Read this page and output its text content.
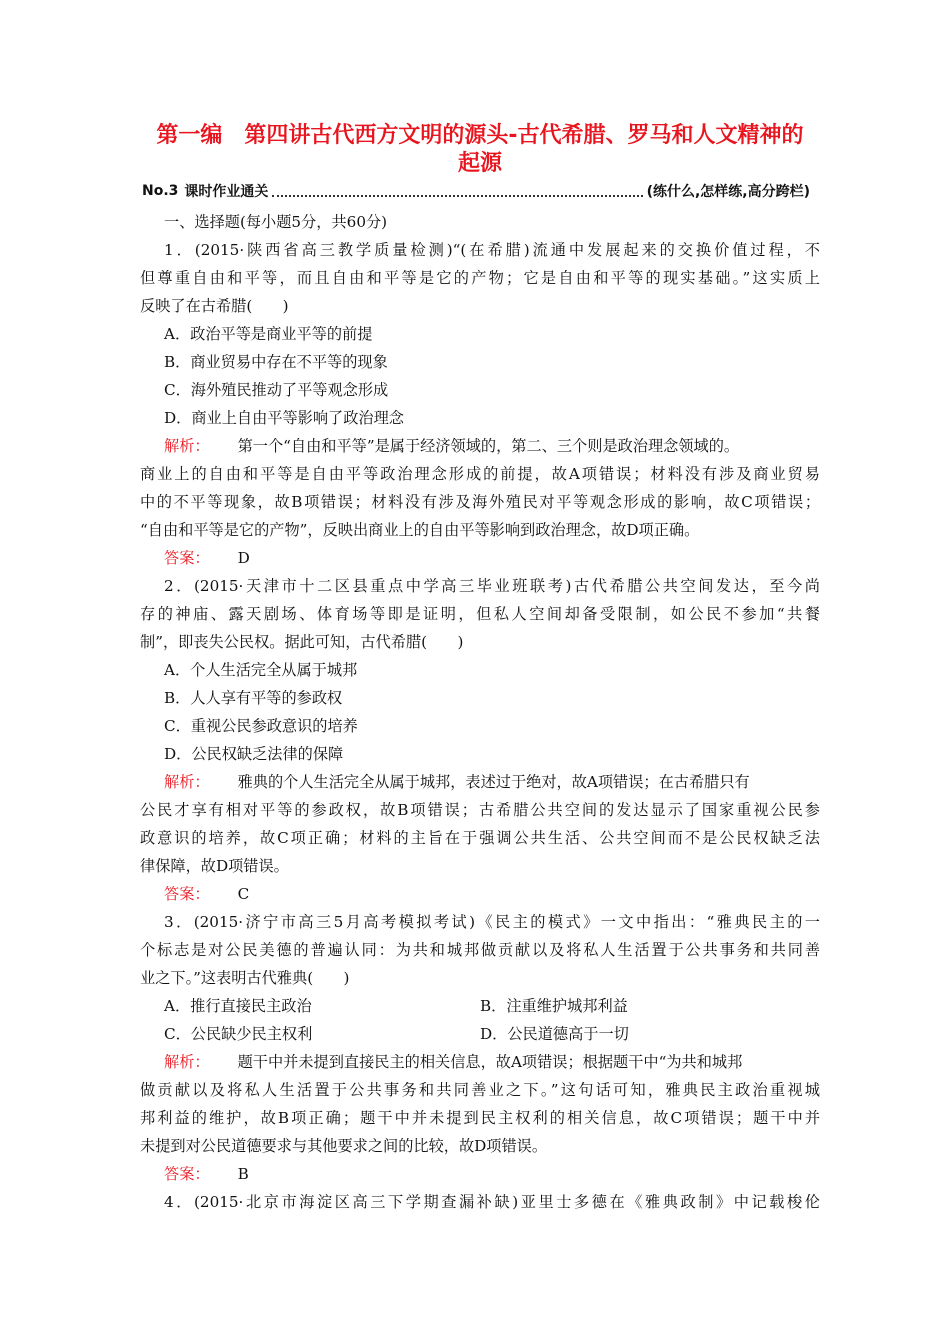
第一编　第四讲古代西方文明的源头-古代希腊、罗马和人文精神的
起源
No.3 课时作业通关	(练什么,怎样练,高分跨栏)
一、选择题(每小题5分，共60分)
1．(2015·陕西省高三教学质量检测)“(在希腊)流通中发展起来的交换价值过程，不
但尊重自由和平等，而且自由和平等是它的产物；它是自由和平等的现实基础。”这实质上
反映了在古希腊(　　)
A．政治平等是商业平等的前提
B．商业贸易中存在不平等的现象
C．海外殖民推动了平等观念形成
D．商业上自由平等影响了政治理念
解析： 第一个“自由和平等”是属于经济领域的，第二、三个则是政治理念领域的。
商业上的自由和平等是自由平等政治理念形成的前提，故A项错误；材料没有涉及商业贸易
中的不平等现象，故B项错误；材料没有涉及海外殖民对平等观念形成的影响，故C项错误；
“自由和平等是它的产物”，反映出商业上的自由平等影响到政治理念，故D项正确。
答案： D
2．(2015·天津市十二区县重点中学高三毕业班联考)古代希腊公共空间发达，至今尚
存的神庙、露天剧场、体育场等即是证明，但私人空间却备受限制，如公民不参加“共餐
制”，即丧失公民权。据此可知，古代希腊(　　)
A．个人生活完全从属于城邦
B．人人享有平等的参政权
C．重视公民参政意识的培养
D．公民权缺乏法律的保障
解析： 雅典的个人生活完全从属于城邦，表述过于绝对，故A项错误；在古希腊只有
公民才享有相对平等的参政权，故B项错误；古希腊公共空间的发达显示了国家重视公民参
政意识的培养，故C项正确；材料的主旨在于强调公共生活、公共空间而不是公民权缺乏法
律保障，故D项错误。
答案： C
3．(2015·济宁市高三5月高考模拟考试)《民主的模式》一文中指出：“雅典民主的一
个标志是对公民美德的普遍认同：为共和城邦做贡献以及将私人生活置于公共事务和共同善
业之下。”这表明古代雅典(　　)
A．推行直接民主政治	B．注重维护城邦利益
C．公民缺少民主权利	D．公民道德高于一切
解析： 题干中并未提到直接民主的相关信息，故A项错误；根据题干中“为共和城邦
做贡献以及将私人生活置于公共事务和共同善业之下。”这句话可知，雅典民主政治重视城
邦利益的维护，故B项正确；题干中并未提到民主权利的相关信息，故C项错误；题干中并
未提到对公民道德要求与其他要求之间的比较，故D项错误。
答案： B
4．(2015·北京市海淀区高三下学期查漏补缺)亚里士多德在《雅典政制》中记载梭伦
